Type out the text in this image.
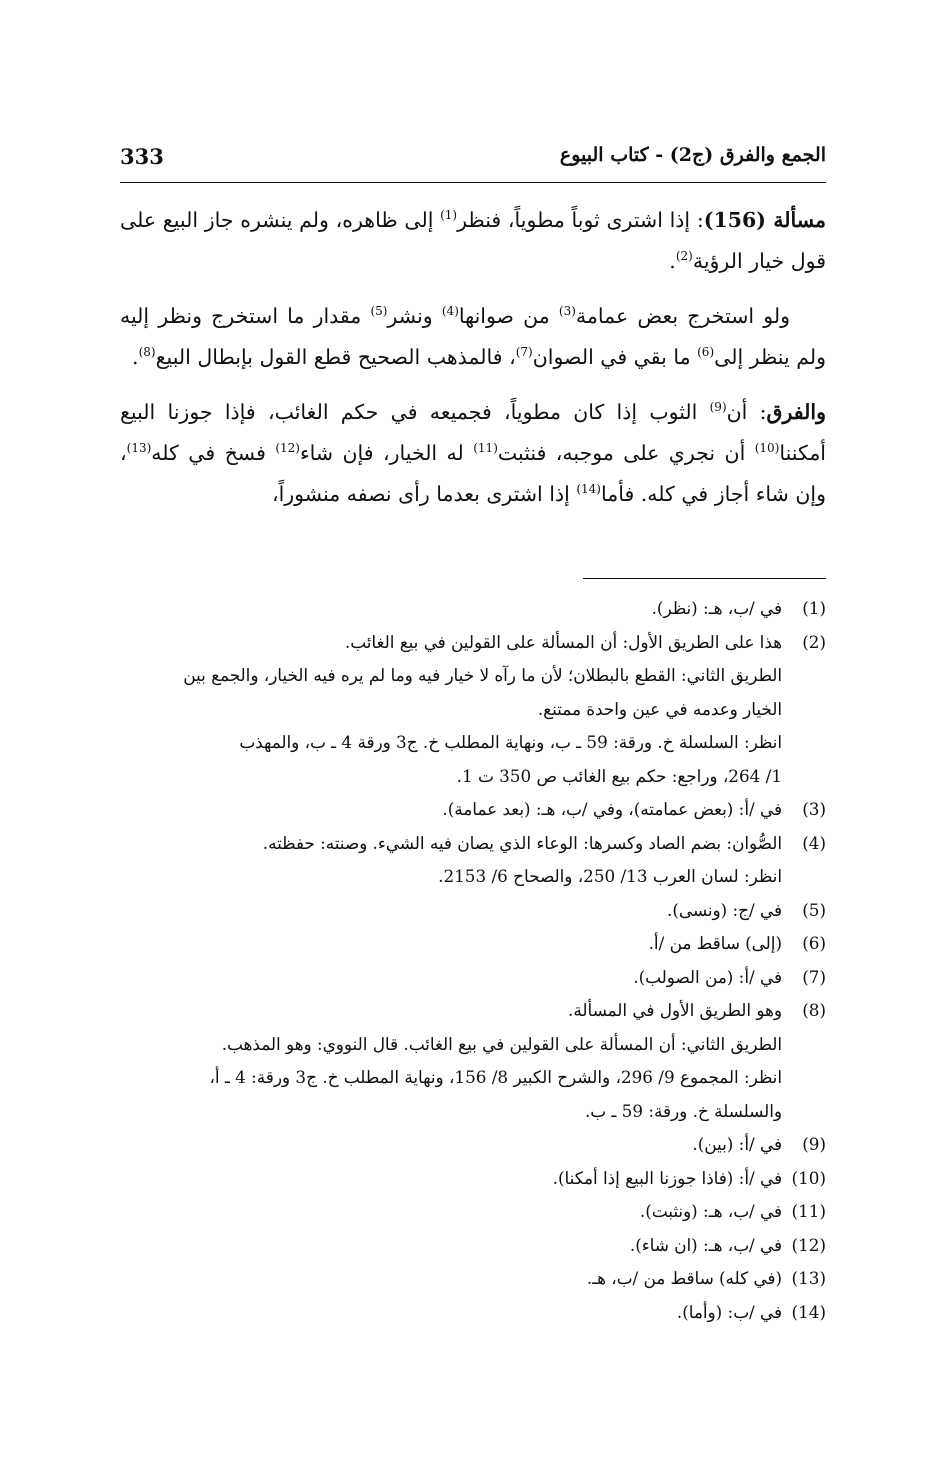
الجمع والفرق (ج2) - كتاب البيوع
333

مسألة (156): إذا اشترى ثوباً مطوياً، فنظر$^{(1)}$ إلى ظاهره، ولم ينشره جاز البيع على قول خيار الرؤية$^{(2)}$.

ولو استخرج بعض عمامة$^{(3)}$ من صوانها$^{(4)}$ ونشر$^{(5)}$ مقدار ما استخرج ونظر إليه ولم ينظر إلى$^{(6)}$ ما بقي في الصوان$^{(7)}$، فالمذهب الصحيح قطع القول بإبطال البيع$^{(8)}$.

والفرق: أن$^{(9)}$ الثوب إذا كان مطوياً، فجميعه في حكم الغائب، فإذا جوزنا البيع أمكننا$^{(10)}$ أن نجري على موجبه، فنثبت$^{(11)}$ له الخيار، فإن شاء$^{(12)}$ فسخ في كله$^{(13)}$، وإن شاء أجاز في كله. فأما$^{(14)}$ إذا اشترى بعدما رأى نصفه منشوراً،

(1)
في /ب، هـ: (نظر).
(2)
هذا على الطريق الأول: أن المسألة على القولين في بيع الغائب.
الطريق الثاني: القطع بالبطلان؛ لأن ما رآه لا خيار فيه وما لم يره فيه الخيار، والجمع بين
الخيار وعدمه في عين واحدة ممتنع.
انظر: السلسلة خ. ورقة: 59 ـ ب، ونهاية المطلب خ. ج3 ورقة 4 ـ ب، والمهذب
1/ 264، وراجع: حكم بيع الغائب ص 350 ت 1.
(3)
في /أ: (بعض عمامته)، وفي /ب، هـ: (بعد عمامة).
(4)
الصُّوان: بضم الصاد وكسرها: الوعاء الذي يصان فيه الشيء. وصنته: حفظته.
انظر: لسان العرب 13/ 250، والصحاح 6/ 2153.
(5)
في /ج: (ونسى).
(6)
(إلى) ساقط من /أ.
(7)
في /أ: (من الصولب).
(8)
وهو الطريق الأول في المسألة.
الطريق الثاني: أن المسألة على القولين في بيع الغائب. قال النووي: وهو المذهب.
انظر: المجموع 9/ 296، والشرح الكبير 8/ 156، ونهاية المطلب خ. ج3 ورقة: 4 ـ أ،
والسلسلة خ. ورقة: 59 ـ ب.
(9)
في /أ: (بين).
(10)
في /أ: (فاذا جوزنا البيع إذا أمكنا).
(11)
في /ب، هـ: (ونثبت).
(12)
في /ب، هـ: (ان شاء).
(13)
(في كله) ساقط من /ب، هـ.
(14)
في /ب: (وأما).
